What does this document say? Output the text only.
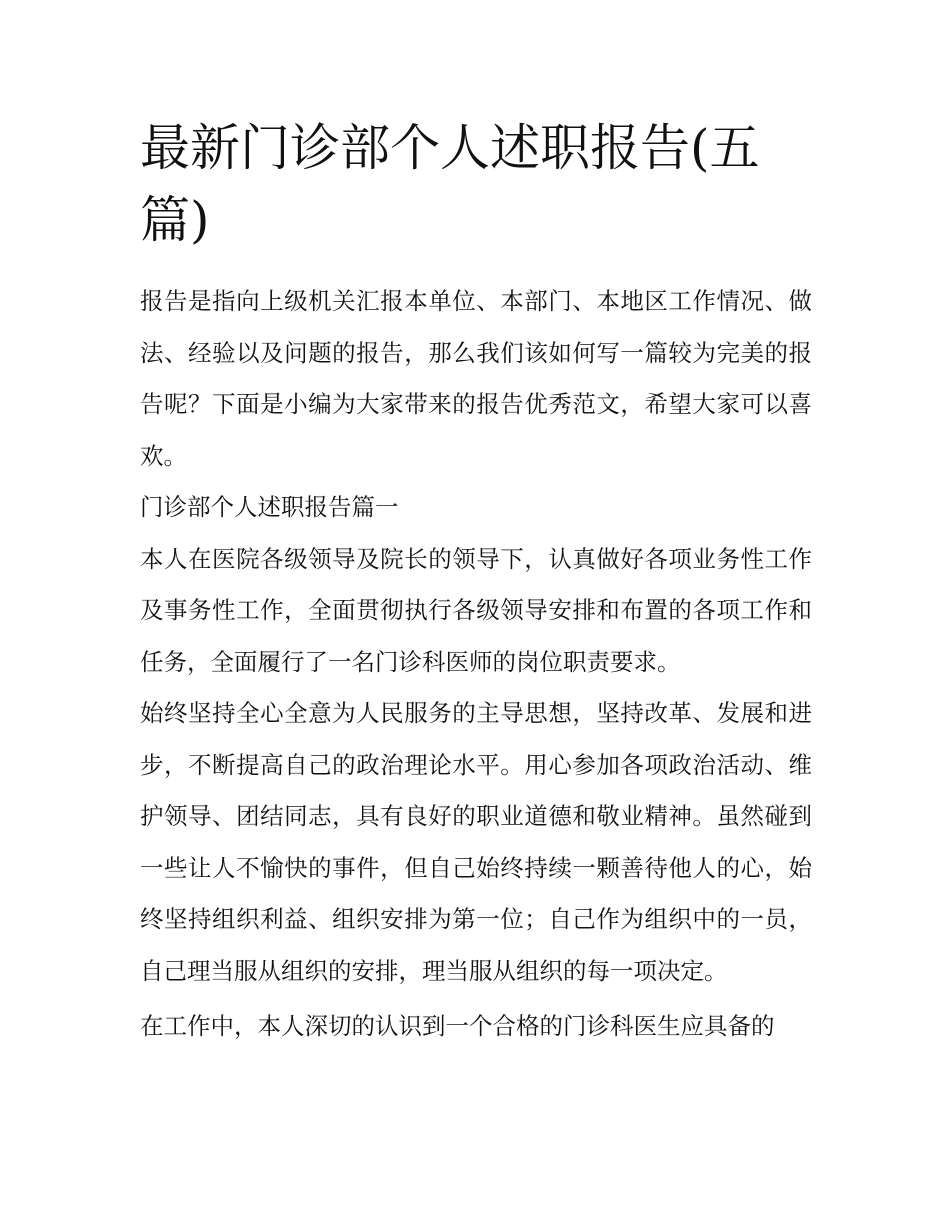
最新门诊部个人述职报告(五篇)

报告是指向上级机关汇报本单位、本部门、本地区工作情况、做法、经验以及问题的报告，那么我们该如何写一篇较为完美的报告呢？下面是小编为大家带来的报告优秀范文，希望大家可以喜欢。

门诊部个人述职报告篇一

本人在医院各级领导及院长的领导下，认真做好各项业务性工作及事务性工作，全面贯彻执行各级领导安排和布置的各项工作和任务，全面履行了一名门诊科医师的岗位职责要求。

始终坚持全心全意为人民服务的主导思想，坚持改革、发展和进步，不断提高自己的政治理论水平。用心参加各项政治活动、维护领导、团结同志，具有良好的职业道德和敬业精神。虽然碰到一些让人不愉快的事件，但自己始终持续一颗善待他人的心，始终坚持组织利益、组织安排为第一位；自己作为组织中的一员，自己理当服从组织的安排，理当服从组织的每一项决定。

在工作中，本人深切的认识到一个合格的门诊科医生应具备的
